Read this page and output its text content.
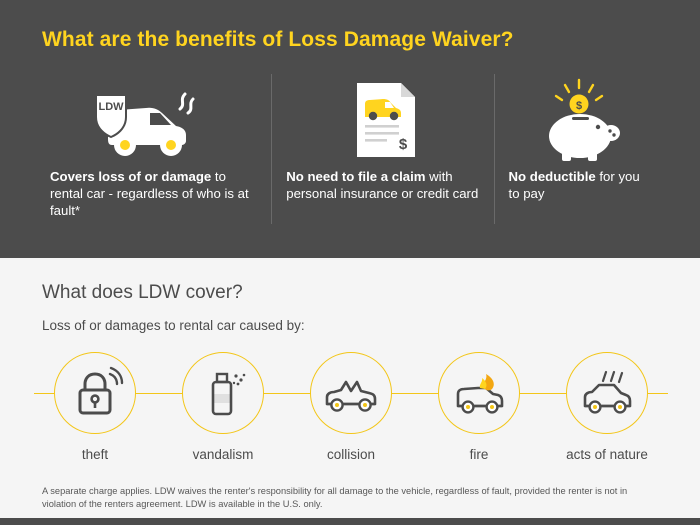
What are the benefits of Loss Damage Waiver?
LDW
Covers loss of or damage to rental car - regardless of who is at fault*
$
No need to file a claim with personal insurance or credit card
$
No deductible for you to pay
What does LDW cover?
Loss of or damages to rental car caused by:
theft	vandalism	collision	fire	acts of nature
A separate charge applies. LDW waives the renter's responsibility for all damage to the vehicle, regardless of fault, provided the renter is not in violation of the renters agreement. LDW is available in the U.S. only.
